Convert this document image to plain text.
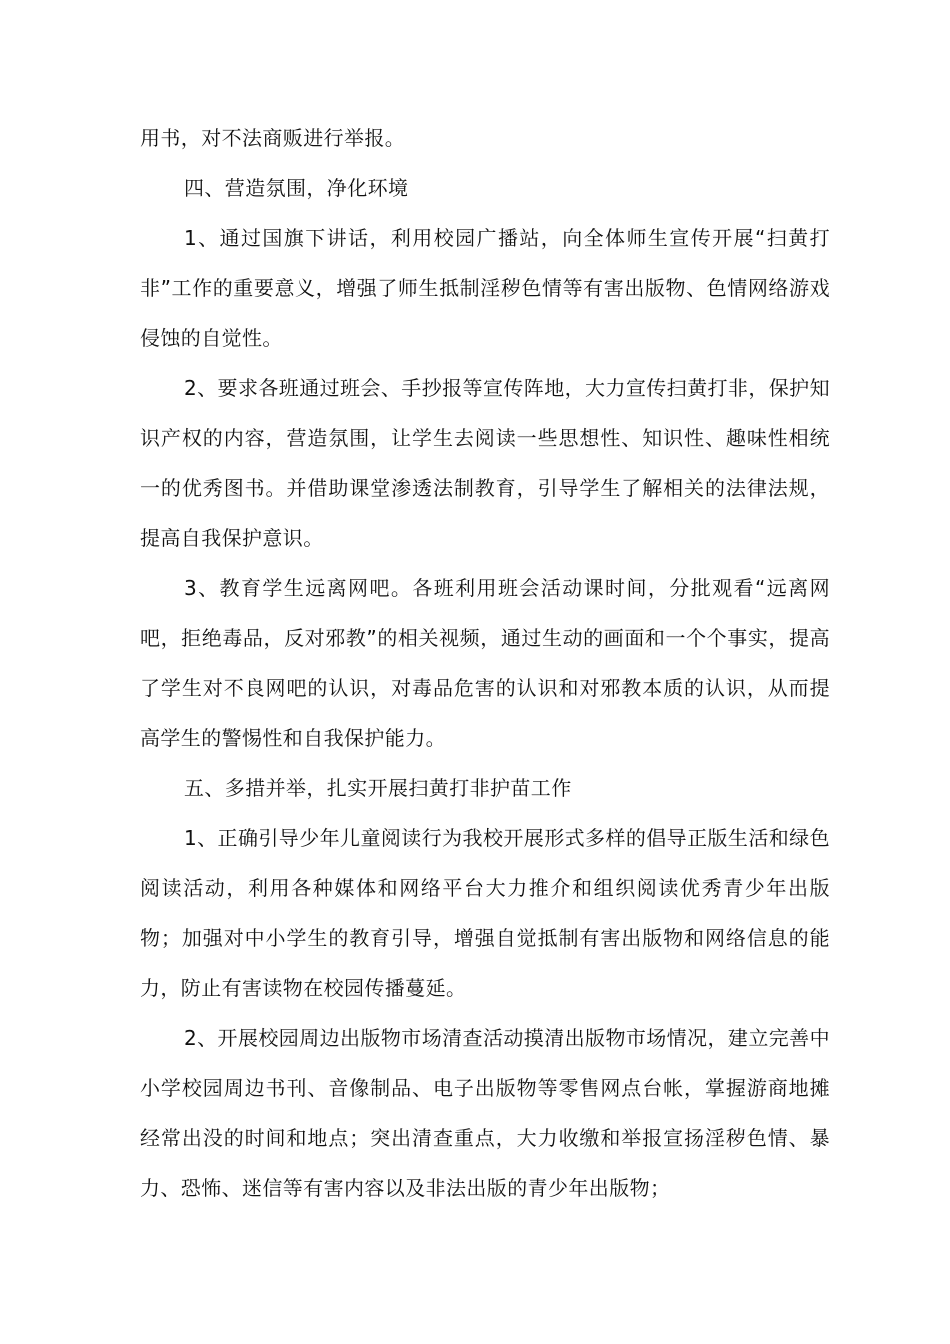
用书，对不法商贩进行举报。

四、营造氛围，净化环境

1、通过国旗下讲话，利用校园广播站，向全体师生宣传开展“扫黄打非”工作的重要意义，增强了师生抵制淫秽色情等有害出版物、色情网络游戏侵蚀的自觉性。

2、要求各班通过班会、手抄报等宣传阵地，大力宣传扫黄打非，保护知识产权的内容，营造氛围，让学生去阅读一些思想性、知识性、趣味性相统一的优秀图书。并借助课堂渗透法制教育，引导学生了解相关的法律法规，提高自我保护意识。

3、教育学生远离网吧。各班利用班会活动课时间，分批观看“远离网吧，拒绝毒品，反对邪教”的相关视频，通过生动的画面和一个个事实，提高了学生对不良网吧的认识，对毒品危害的认识和对邪教本质的认识，从而提高学生的警惕性和自我保护能力。

五、多措并举，扎实开展扫黄打非护苗工作

1、正确引导少年儿童阅读行为我校开展形式多样的倡导正版生活和绿色阅读活动，利用各种媒体和网络平台大力推介和组织阅读优秀青少年出版物；加强对中小学生的教育引导，增强自觉抵制有害出版物和网络信息的能力，防止有害读物在校园传播蔓延。

2、开展校园周边出版物市场清查活动摸清出版物市场情况，建立完善中小学校园周边书刊、音像制品、电子出版物等零售网点台帐，掌握游商地摊经常出没的时间和地点；突出清查重点，大力收缴和举报宣扬淫秽色情、暴力、恐怖、迷信等有害内容以及非法出版的青少年出版物；
